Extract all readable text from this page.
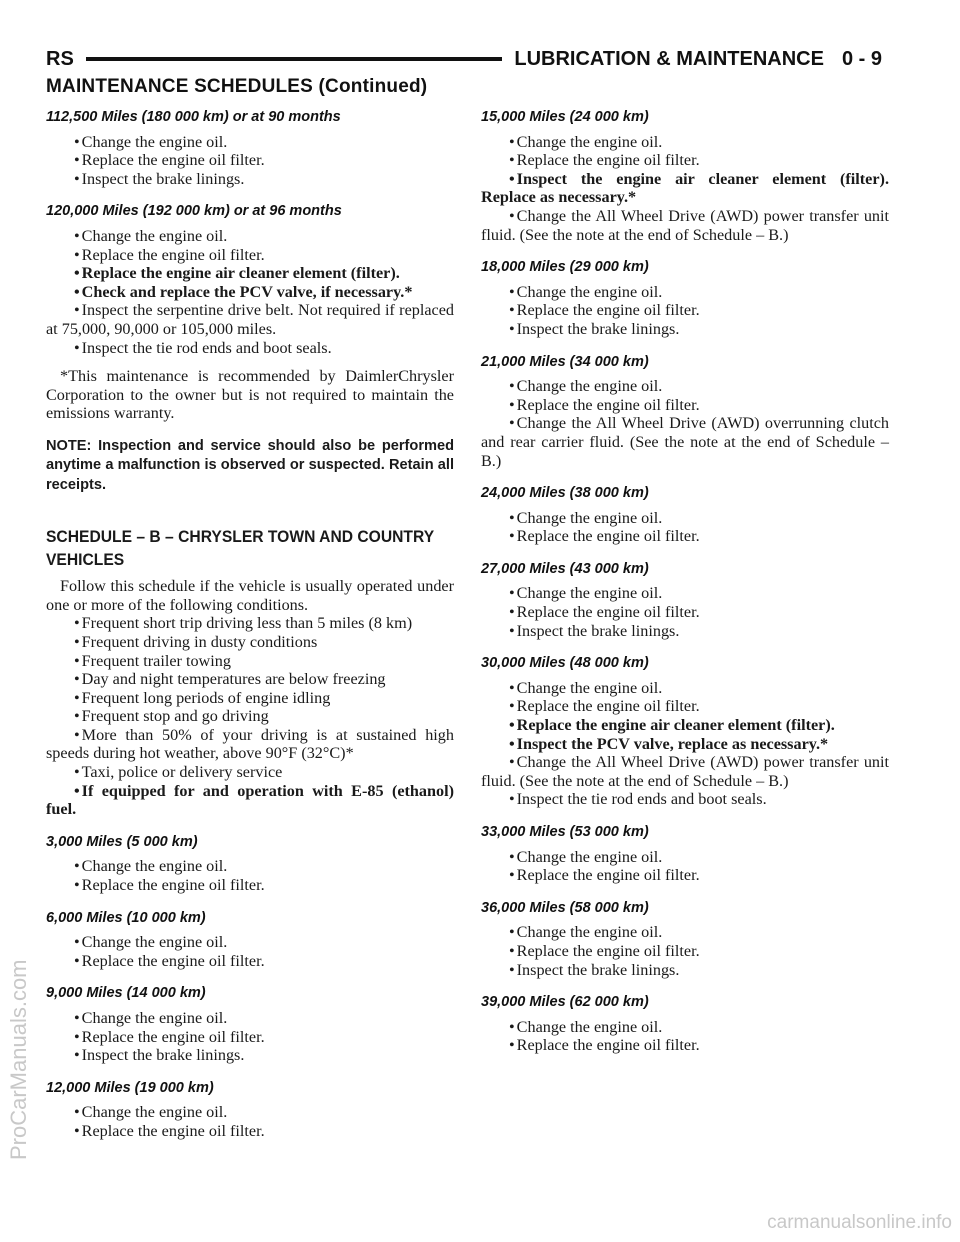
RS	LUBRICATION & MAINTENANCE 0 - 9
MAINTENANCE SCHEDULES (Continued)
112,500 Miles (180 000 km) or at 90 months

• Change the engine oil.

• Replace the engine oil filter.

• Inspect the brake linings.

120,000 Miles (192 000 km) or at 96 months

• Change the engine oil.

• Replace the engine oil filter.

• Replace the engine air cleaner element (filter).

• Check and replace the PCV valve, if necessary.*

• Inspect the serpentine drive belt. Not required if replaced at 75,000, 90,000 or 105,000 miles.

• Inspect the tie rod ends and boot seals.

*This maintenance is recommended by DaimlerChrysler Corporation to the owner but is not required to maintain the emissions warranty.

NOTE: Inspection and service should also be performed anytime a malfunction is observed or suspected. Retain all receipts.

SCHEDULE – B – CHRYSLER TOWN AND COUNTRY VEHICLES

Follow this schedule if the vehicle is usually operated under one or more of the following conditions.

• Frequent short trip driving less than 5 miles (8 km)

• Frequent driving in dusty conditions

• Frequent trailer towing

• Day and night temperatures are below freezing

• Frequent long periods of engine idling

• Frequent stop and go driving

• More than 50% of your driving is at sustained high speeds during hot weather, above 90°F (32°C)*

• Taxi, police or delivery service

• If equipped for and operation with E-85 (ethanol) fuel.

3,000 Miles (5 000 km)

• Change the engine oil.

• Replace the engine oil filter.

6,000 Miles (10 000 km)

• Change the engine oil.

• Replace the engine oil filter.

9,000 Miles (14 000 km)

• Change the engine oil.

• Replace the engine oil filter.

• Inspect the brake linings.

12,000 Miles (19 000 km)

• Change the engine oil.

• Replace the engine oil filter.

15,000 Miles (24 000 km)

• Change the engine oil.

• Replace the engine oil filter.

• Inspect the engine air cleaner element (filter). Replace as necessary.*

• Change the All Wheel Drive (AWD) power transfer unit fluid. (See the note at the end of Schedule – B.)

18,000 Miles (29 000 km)

• Change the engine oil.

• Replace the engine oil filter.

• Inspect the brake linings.

21,000 Miles (34 000 km)

• Change the engine oil.

• Replace the engine oil filter.

• Change the All Wheel Drive (AWD) overrunning clutch and rear carrier fluid. (See the note at the end of Schedule – B.)

24,000 Miles (38 000 km)

• Change the engine oil.

• Replace the engine oil filter.

27,000 Miles (43 000 km)

• Change the engine oil.

• Replace the engine oil filter.

• Inspect the brake linings.

30,000 Miles (48 000 km)

• Change the engine oil.

• Replace the engine oil filter.

• Replace the engine air cleaner element (filter).

• Inspect the PCV valve, replace as necessary.*

• Change the All Wheel Drive (AWD) power transfer unit fluid. (See the note at the end of Schedule – B.)

• Inspect the tie rod ends and boot seals.

33,000 Miles (53 000 km)

• Change the engine oil.

• Replace the engine oil filter.

36,000 Miles (58 000 km)

• Change the engine oil.

• Replace the engine oil filter.

• Inspect the brake linings.

39,000 Miles (62 000 km)

• Change the engine oil.

• Replace the engine oil filter.

ProCarManuals.com
carmanualsonline.info
